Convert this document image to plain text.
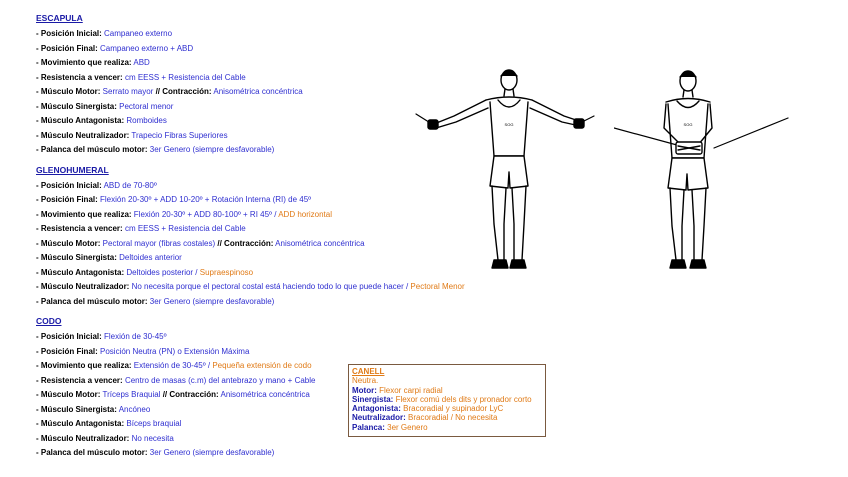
ESCAPULA
- Posición Inicial: Campaneo externo
- Posición Final: Campaneo externo + ABD
- Movimiento que realiza: ABD
- Resistencia a vencer: cm EESS + Resistencia del Cable
- Músculo Motor: Serrato mayor // Contracción: Anisométrica concéntrica
- Músculo Sinergista: Pectoral menor
- Músculo Antagonista: Romboides
- Músculo Neutralizador: Trapecio Fibras Superiores
- Palanca del músculo motor: 3er Genero (siempre desfavorable)
GLENOHUMERAL
- Posición Inicial: ABD de 70-80º
- Posición Final: Flexión 20-30º + ADD 10-20º + Rotación Interna (RI) de 45º
- Movimiento que realiza: Flexión 20-30º + ADD 80-100º + RI 45º / ADD horizontal
- Resistencia a vencer: cm EESS + Resistencia del Cable
- Músculo Motor: Pectoral mayor (fibras costales) // Contracción: Anisométrica concéntrica
- Músculo Sinergista: Deltoides anterior
- Músculo Antagonista: Deltoides posterior / Supraespinoso
- Músculo Neutralizador: No necesita porque el pectoral costal está haciendo todo lo que puede hacer / Pectoral Menor
- Palanca del músculo motor: 3er Genero (siempre desfavorable)
CODO
- Posición Inicial: Flexión de 30-45º
- Posición Final: Posición Neutra (PN) o Extensión Máxima
- Movimiento que realiza: Extensión de 30-45º / Pequeña extensión de codo
- Resistencia a vencer: Centro de masas (c.m) del antebrazo y mano + Cable
- Músculo Motor: Tríceps Braquial // Contracción: Anisométrica concéntrica
- Músculo Sinergista: Ancóneo
- Músculo Antagonista: Bíceps braquial
- Músculo Neutralizador: No necesita
- Palanca del músculo motor: 3er Genero (siempre desfavorable)
CANELL
Neutra.
Motor: Flexor carpi radial
Sinergista: Flexor comú dels dits y pronador corto
Antagonista: Bracoradial y supinador LyC
Neutralizador: Bracoradial / No necesita
Palanca: 3er Genero
SOG	SOG
